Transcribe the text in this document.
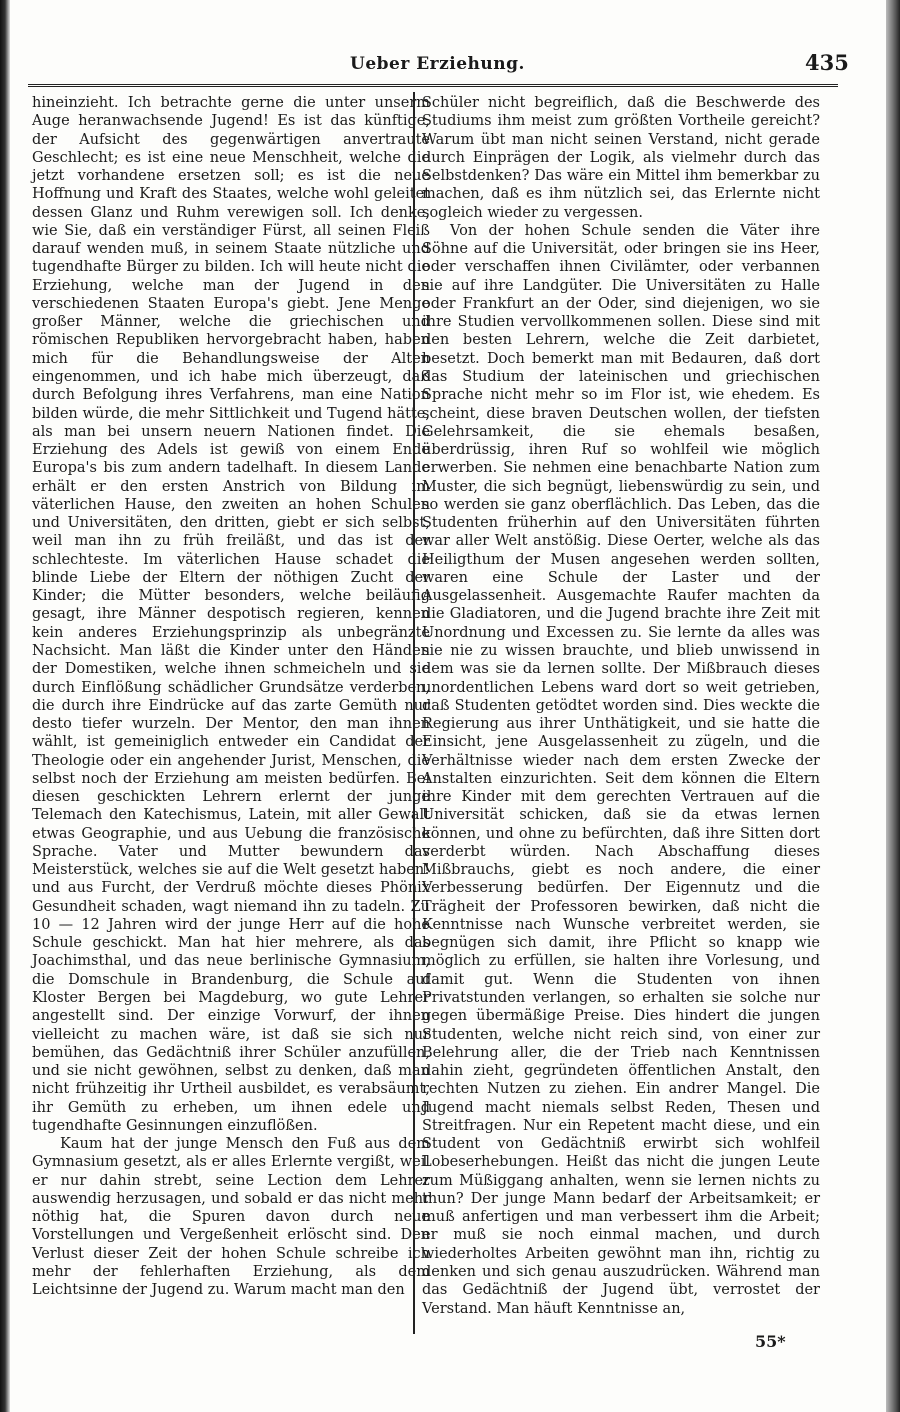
Ueber Erziehung.	435

hineinzieht. Ich betrachte gerne die unter unserm Auge heranwachsende Jugend! Es ist das künftige, der Aufsicht des gegenwärtigen anvertraute Geschlecht; es ist eine neue Menschheit, welche die jetzt vorhandene ersetzen soll; es ist die neue Hoffnung und Kraft des Staates, welche wohl geleitet dessen Glanz und Ruhm verewigen soll. Ich denke, wie Sie, daß ein verständiger Fürst, all seinen Fleiß darauf wenden muß, in seinem Staate nützliche und tugendhafte Bürger zu bilden. Ich will heute nicht die Erziehung, welche man der Jugend in den verschiedenen Staaten Europa's giebt. Jene Menge großer Männer, welche die griechischen und römischen Republiken hervorgebracht haben, haben mich für die Behandlungsweise der Alten eingenommen, und ich habe mich überzeugt, daß durch Befolgung ihres Verfahrens, man eine Nation bilden würde, die mehr Sittlichkeit und Tugend hätte, als man bei unsern neuern Nationen findet. Die Erziehung des Adels ist gewiß von einem Ende Europa's bis zum andern tadelhaft. In diesem Lande erhält er den ersten Anstrich von Bildung im väterlichen Hause, den zweiten an hohen Schulen und Universitäten, den dritten, giebt er sich selbst, weil man ihn zu früh freiläßt, und das ist der schlechteste. Im väterlichen Hause schadet die blinde Liebe der Eltern der nöthigen Zucht der Kinder; die Mütter besonders, welche beiläufig gesagt, ihre Männer despotisch regieren, kennen kein anderes Erziehungsprinzip als unbegränzte Nachsicht. Man läßt die Kinder unter den Händen der Domestiken, welche ihnen schmeicheln und sie durch Einflößung schädlicher Grundsätze verderben, die durch ihre Eindrücke auf das zarte Gemüth nur desto tiefer wurzeln. Der Mentor, den man ihnen wählt, ist gemeiniglich entweder ein Candidat der Theologie oder ein angehender Jurist, Menschen, die selbst noch der Erziehung am meisten bedürfen. Bei diesen geschickten Lehrern erlernt der junge Telemach den Katechismus, Latein, mit aller Gewalt etwas Geographie, und aus Uebung die französische Sprache. Vater und Mutter bewundern das Meisterstück, welches sie auf die Welt gesetzt haben! und aus Furcht, der Verdruß möchte dieses Phönix Gesundheit schaden, wagt niemand ihn zu tadeln. Zu 10 — 12 Jahren wird der junge Herr auf die hohe Schule geschickt. Man hat hier mehrere, als das Joachimsthal, und das neue berlinische Gymnasium, die Domschule in Brandenburg, die Schule auf Kloster Bergen bei Magdeburg, wo gute Lehrer angestellt sind. Der einzige Vorwurf, der ihnen vielleicht zu machen wäre, ist daß sie sich nur bemühen, das Gedächtniß ihrer Schüler anzufüllen, und sie nicht gewöhnen, selbst zu denken, daß man nicht frühzeitig ihr Urtheil ausbildet, es verabsäumt, ihr Gemüth zu erheben, um ihnen edele und tugendhafte Gesinnungen einzuflößen.

Kaum hat der junge Mensch den Fuß aus dem Gymnasium gesetzt, als er alles Erlernte vergißt, weil er nur dahin strebt, seine Lection dem Lehrer auswendig herzusagen, und sobald er das nicht mehr nöthig hat, die Spuren davon durch neue Vorstellungen und Vergeßenheit erlöscht sind. Den Verlust dieser Zeit der hohen Schule schreibe ich mehr der fehlerhaften Erziehung, als dem Leichtsinne der Jugend zu. Warum macht man den

Schüler nicht begreiflich, daß die Beschwerde des Studiums ihm meist zum größten Vortheile gereicht? Warum übt man nicht seinen Verstand, nicht gerade durch Einprägen der Logik, als vielmehr durch das Selbstdenken? Das wäre ein Mittel ihm bemerkbar zu machen, daß es ihm nützlich sei, das Erlernte nicht sogleich wieder zu vergessen.

Von der hohen Schule senden die Väter ihre Söhne auf die Universität, oder bringen sie ins Heer, oder verschaffen ihnen Civilämter, oder verbannen sie auf ihre Landgüter. Die Universitäten zu Halle oder Frankfurt an der Oder, sind diejenigen, wo sie ihre Studien vervollkommenen sollen. Diese sind mit den besten Lehrern, welche die Zeit darbietet, besetzt. Doch bemerkt man mit Bedauren, daß dort das Studium der lateinischen und griechischen Sprache nicht mehr so im Flor ist, wie ehedem. Es scheint, diese braven Deutschen wollen, der tiefsten Gelehrsamkeit, die sie ehemals besaßen, überdrüssig, ihren Ruf so wohlfeil wie möglich erwerben. Sie nehmen eine benachbarte Nation zum Muster, die sich begnügt, liebenswürdig zu sein, und so werden sie ganz oberflächlich. Das Leben, das die Studenten früherhin auf den Universitäten führten war aller Welt anstößig. Diese Oerter, welche als das Heiligthum der Musen angesehen werden sollten, waren eine Schule der Laster und der Ausgelassenheit. Ausgemachte Raufer machten da die Gladiatoren, und die Jugend brachte ihre Zeit mit Unordnung und Excessen zu. Sie lernte da alles was sie nie zu wissen brauchte, und blieb unwissend in dem was sie da lernen sollte. Der Mißbrauch dieses unordentlichen Lebens ward dort so weit getrieben, daß Studenten getödtet worden sind. Dies weckte die Regierung aus ihrer Unthätigkeit, und sie hatte die Einsicht, jene Ausgelassenheit zu zügeln, und die Verhältnisse wieder nach dem ersten Zwecke der Anstalten einzurichten. Seit dem können die Eltern ihre Kinder mit dem gerechten Vertrauen auf die Universität schicken, daß sie da etwas lernen können, und ohne zu befürchten, daß ihre Sitten dort verderbt würden. Nach Abschaffung dieses Mißbrauchs, giebt es noch andere, die einer Verbesserung bedürfen. Der Eigennutz und die Trägheit der Professoren bewirken, daß nicht die Kenntnisse nach Wunsche verbreitet werden, sie begnügen sich damit, ihre Pflicht so knapp wie möglich zu erfüllen, sie halten ihre Vorlesung, und damit gut. Wenn die Studenten von ihnen Privatstunden verlangen, so erhalten sie solche nur gegen übermäßige Preise. Dies hindert die jungen Studenten, welche nicht reich sind, von einer zur Belehrung aller, die der Trieb nach Kenntnissen dahin zieht, gegründeten öffentlichen Anstalt, den rechten Nutzen zu ziehen. Ein andrer Mangel. Die Jugend macht niemals selbst Reden, Thesen und Streitfragen. Nur ein Repetent macht diese, und ein Student von Gedächtniß erwirbt sich wohlfeil Lobeserhebungen. Heißt das nicht die jungen Leute zum Müßiggang anhalten, wenn sie lernen nichts zu thun? Der junge Mann bedarf der Arbeitsamkeit; er muß anfertigen und man verbessert ihm die Arbeit; er muß sie noch einmal machen, und durch wiederholtes Arbeiten gewöhnt man ihn, richtig zu denken und sich genau auszudrücken. Während man das Gedächtniß der Jugend übt, verrostet der Verstand. Man häuft Kenntnisse an,

55*
